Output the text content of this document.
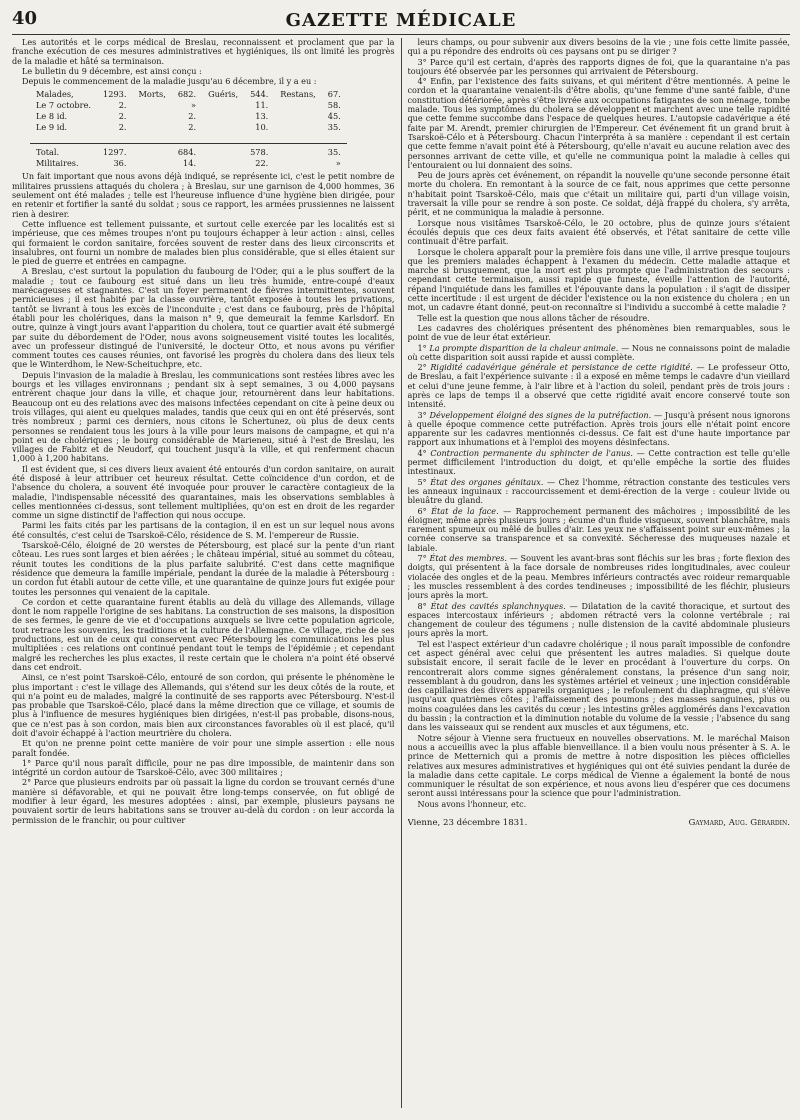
40	GAZETTE MÉDICALE

Les autorités et le corps médical de Breslau, reconnaissent et proclament que par la franche exécution de ces mesures administratives et hygiéniques, ils ont limité les progrès de la maladie et hâté sa terminaison.

Le bulletin du 9 décembre, est ainsi conçu :

Depuis le commencement de la maladie jusqu'au 6 décembre, il y a eu :

Malades,	1293.	Morts,	682.	Guéris,	544.	Restans,	67.
Le 7 octobre.	2.		»		11.		58.
Le 8 id.	2.		2.		13.		45.
Le 9 id.	2.		2.		10.		35.

Total.	1297.		684.		578.		35.
Militaires.	36.		14.		22.		»

Un fait important que nous avons déjà indiqué, se représente ici, c'est le petit nombre de militaires prussiens attaqués du cholera ; à Breslau, sur une garnison de 4,000 hommes, 36 seulement ont été malades ; telle est l'heureuse influence d'une hygiène bien dirigée, pour en retenir et fortifier la santé du soldat ; sous ce rapport, les armées prussiennes ne laissent rien à desirer.

Cette influence est tellement puissante, et surtout celle exercée par les localités est si impérieuse, que ces mêmes troupes n'ont pu toujours échapper à leur action : ainsi, celles qui formaient le cordon sanitaire, forcées souvent de rester dans des lieux circonscrits et insalubres, ont fourni un nombre de malades bien plus considérable, que si elles étaient sur le pied de guerre et entrées en campagne.

A Breslau, c'est surtout la population du faubourg de l'Oder, qui a le plus souffert de la maladie ; tout ce faubourg est situé dans un lieu très humide, entre-coupé d'eaux marécageuses et stagnantes. C'est un foyer permanent de fièvres intermittentes, souvent pernicieuses ; il est habité par la classe ouvrière, tantôt exposée à toutes les privations, tantôt se livrant à tous les excès de l'inconduite ; c'est dans ce faubourg, près de l'hôpital établi pour les cholériques, dans la maison n° 9, que demeurait la femme Karlsdorf. En outre, quinze à vingt jours avant l'apparition du cholera, tout ce quartier avait été submergé par suite du débordement de l'Oder, nous avons soigneusement visité toutes les localités, avec un professeur distingué de l'université, le docteur Otto, et nous avons pu vérifier comment toutes ces causes réunies, ont favorisé les progrès du cholera dans des lieux tels que le Winterdhom, le New-Scheituchpre, etc.

Depuis l'invasion de la maladie à Breslau, les communications sont restées libres avec les bourgs et les villages environnans ; pendant six à sept semaines, 3 ou 4,000 paysans entrèrent chaque jour dans la ville, et chaque jour, retournèrent dans leur habitations. Beaucoup ont eu des relations avec des maisons infectées cependant on cite à peine deux ou trois villages, qui aient eu quelques malades, tandis que ceux qui en ont été préservés, sont très nombreux ; parmi ces derniers, nous citons le Schertunez, où plus de deux cents personnes se rendaient tous les jours à la ville pour leurs maisons de campagne, et qui n'a point eu de cholériques ; le bourg considérable de Marieneu, situé à l'est de Breslau, les villages de Fabitz et de Neudorf, qui touchent jusqu'à la ville, et qui renferment chacun 1,000 à 1,200 habitans.

Il est évident que, si ces divers lieux avaient été entourés d'un cordon sanitaire, on aurait été disposé à leur attribuer cet heureux résultat. Cette coïncidence d'un cordon, et de l'absence du cholera, a souvent été invoquée pour prouver le caractère contagieux de la maladie, l'indispensable nécessité des quarantaines, mais les observations semblables à celles mentionnées ci-dessus, sont tellement multipliées, qu'on est en droit de les regarder comme un signe distinctif de l'affection qui nous occupe.

Parmi les faits cités par les partisans de la contagion, il en est un sur lequel nous avons été consultés, c'est celui de Tsarskoë-Célo, résidence de S. M. l'empereur de Russie.

Tsarskoë-Célo, éloigné de 20 werstes de Pétersbourg, est placé sur la pente d'un riant côteau. Les rues sont larges et bien aérées ; le château impérial, situé au sommet du côteau, réunit toutes les conditions de la plus parfaite salubrité. C'est dans cette magnifique résidence que demeura la famille impériale, pendant la durée de la maladie à Pétersbourg : un cordon fut établi autour de cette ville, et une quarantaine de quinze jours fut exigée pour toutes les personnes qui venaient de la capitale.

Ce cordon et cette quarantaine furent établis au delà du village des Allemands, village dont le nom rappelle l'origine de ses habitans. La construction de ses maisons, la disposition de ses fermes, le genre de vie et d'occupations auxquels se livre cette population agricole, tout retrace les souvenirs, les traditions et la culture de l'Allemagne. Ce village, riche de ses productions, est un de ceux qui conservent avec Pétersbourg les communications les plus multipliées : ces relations ont continué pendant tout le temps de l'épidémie ; et cependant malgré les recherches les plus exactes, il reste certain que le cholera n'a point été observé dans cet endroit.

Ainsi, ce n'est point Tsarskoë-Célo, entouré de son cordon, qui présente le phénomène le plus important : c'est le village des Allemands, qui s'étend sur les deux côtés de la route, et qui n'a point eu de malades, malgré la continuité de ses rapports avec Pétersbourg. N'est-il pas probable que Tsarskoë-Célo, placé dans la même direction que ce village, et soumis de plus à l'influence de mesures hygiéniques bien dirigées, n'est-il pas probable, disons-nous, que ce n'est pas à son cordon, mais bien aux circonstances favorables où il est placé, qu'il doit d'avoir échappé à l'action meurtrière du cholera.

Et qu'on ne prenne point cette manière de voir pour une simple assertion : elle nous paraît fondée.

1° Parce qu'il nous paraît difficile, pour ne pas dire impossible, de maintenir dans son intégrité un cordon autour de Tsarskoë-Célo, avec 300 militaires ;

2° Parce que plusieurs endroits par où passait la ligne du cordon se trouvant cernés d'une manière si défavorable, et qui ne pouvait être long-temps conservée, on fut obligé de modifier à leur égard, les mesures adoptées : ainsi, par exemple, plusieurs paysans ne pouvaient sortir de leurs habitations sans se trouver au-delà du cordon : on leur accorda la permission de le franchir, ou pour cultiver

leurs champs, ou pour subvenir aux divers besoins de la vie ; une fois cette limite passée, qui a pu répondre des endroits où ces paysans ont pu se diriger ?

3° Parce qu'il est certain, d'après des rapports dignes de foi, que la quarantaine n'a pas toujours été observée par les personnes qui arrivaient de Pétersbourg.

4° Enfin, par l'existence des faits suivans, et qui méritent d'être mentionnés. A peine le cordon et la quarantaine venaient-ils d'être abolis, qu'une femme d'une santé faible, d'une constitution détériorée, après s'être livrée aux occupations fatigantes de son ménage, tombe malade. Tous les symptômes du cholera se développent et marchent avec une telle rapidité que cette femme succombe dans l'espace de quelques heures. L'autopsie cadavérique a été faite par M. Arendt, premier chirurgien de l'Empereur. Cet événement fit un grand bruit à Tsarskoë-Célo et à Pétersbourg. Chacun l'interpréta à sa manière : cependant il est certain que cette femme n'avait point été à Pétersbourg, qu'elle n'avait eu aucune relation avec des personnes arrivant de cette ville, et qu'elle ne communiqua point la maladie à celles qui l'entouraient ou lui donnaient des soins.

Peu de jours après cet événement, on répandit la nouvelle qu'une seconde personne était morte du cholera. En remontant à la source de ce fait, nous apprimes que cette personne n'habitait point Tsarskoë-Célo, mais que c'était un militaire qui, parti d'un village voisin, traversait la ville pour se rendre à son poste. Ce soldat, déjà frappé du cholera, s'y arrêta, périt, et ne communiqua la maladie à personne.

Lorsque nous visitâmes Tsarskoë-Célo, le 20 octobre, plus de quinze jours s'étaient écoulés depuis que ces deux faits avaient été observés, et l'état sanitaire de cette ville continuait d'être parfait.

Lorsque le cholera apparaît pour la première fois dans une ville, il arrive presque toujours que les premiers malades échappent à l'examen du médecin. Cette maladie attaque et marche si brusquement, que la mort est plus prompte que l'administration des secours : cependant cette terminaison, aussi rapide que funeste, éveille l'attention de l'autorité, répand l'inquiétude dans les familles et l'épouvante dans la population : il s'agit de dissiper cette incertitude : il est urgent de décider l'existence ou la non existence du cholera ; en un mot, un cadavre étant donné, peut-on reconnaître si l'individu a succombé à cette maladie ?

Telle est la question que nous allons tâcher de résoudre.

Les cadavres des cholériques présentent des phénomènes bien remarquables, sous le point de vue de leur état extérieur.

1° La prompte disparition de la chaleur animale. — Nous ne connaissons point de maladie où cette disparition soit aussi rapide et aussi complète.

2° Rigidité cadavérique générale et persistance de cette rigidité. — Le professeur Otto, de Breslau, a fait l'expérience suivante : il a exposé en même temps le cadavre d'un vieillard et celui d'une jeune femme, à l'air libre et à l'action du soleil, pendant près de trois jours : après ce laps de temps il a observé que cette rigidité avait encore conservé toute son intensité.

3° Développement éloigné des signes de la putréfaction. — Jusqu'à présent nous ignorons à quelle époque commence cette putréfaction. Après trois jours elle n'était point encore apparente sur les cadavres mentionnés ci-dessus. Ce fait est d'une haute importance par rapport aux inhumations et à l'emploi des moyens désinfectans.

4° Contraction permanente du sphincter de l'anus. — Cette contraction est telle qu'elle permet difficilement l'introduction du doigt, et qu'elle empêche la sortie des fluides intestinaux.

5° État des organes génitaux. — Chez l'homme, rétraction constante des testicules vers les anneaux inguinaux : raccourcissement et demi-érection de la verge : couleur livide ou bleuâtre du gland.

6° État de la face. — Rapprochement permanent des mâchoires ; impossibilité de les éloigner, même après plusieurs jours ; écume d'un fluide visqueux, souvent blanchâtre, mais rarement spumeux ou mêlé de bulles d'air. Les yeux ne s'affaissent point sur eux-mêmes ; la cornée conserve sa transparence et sa convexité. Sécheresse des muqueuses nazale et labiale.

7° État des membres. — Souvent les avant-bras sont fléchis sur les bras ; forte flexion des doigts, qui présentent à la face dorsale de nombreuses rides longitudinales, avec couleur violacée des ongles et de la peau. Membres inférieurs contractés avec roideur remarquable ; les muscles ressemblent à des cordes tendineuses ; impossibilité de les fléchir, plusieurs jours après la mort.

8° État des cavités splanchnyques. — Dilatation de la cavité thoracique, et surtout des espaces intercostaux inférieurs ; abdomen rétracté vers la colonne vertébrale ; rai changement de couleur des tégumens ; nulle distension de la cavité abdominale plusieurs jours après la mort.

Tel est l'aspect extérieur d'un cadavre cholérique ; il nous paraît impossible de confondre cet aspect général avec celui que présentent les autres maladies. Si quelque doute subsistait encore, il serait facile de le lever en procédant à l'ouverture du corps. On rencontrerait alors comme signes généralement constans, la présence d'un sang noir, ressemblant à du goudron, dans les systèmes artériel et veineux ; une injection considérable des capillaires des divers appareils organiques ; le refoulement du diaphragme, qui s'élève jusqu'aux quatrièmes côtes ; l'affaissement des poumons ; des masses sanguines, plus ou moins coagulées dans les cavités du cœur ; les intestins grêles agglomérés dans l'excavation du bassin ; la contraction et la diminution notable du volume de la vessie ; l'absence du sang dans les vaisseaux qui se rendent aux muscles et aux tégumens, etc.

Notre séjour à Vienne sera fructueux en nouvelles observations. M. le maréchal Maison nous a accueillis avec la plus affable bienveillance. il a bien voulu nous présenter à S. A. le prince de Metternich qui a promis de mettre à notre disposition les pièces officielles relatives aux mesures administratives et hygiéniques qui ont été suivies pendant la durée de la maladie dans cette capitale. Le corps médical de Vienne a également la bonté de nous communiquer le résultat de son expérience, et nous avons lieu d'espérer que ces documens seront aussi intéressans pour la science que pour l'administration.

Nous avons l'honneur, etc.

Vienne, 23 décembre 1831.	Gaymard, Aug. Gérardin.
